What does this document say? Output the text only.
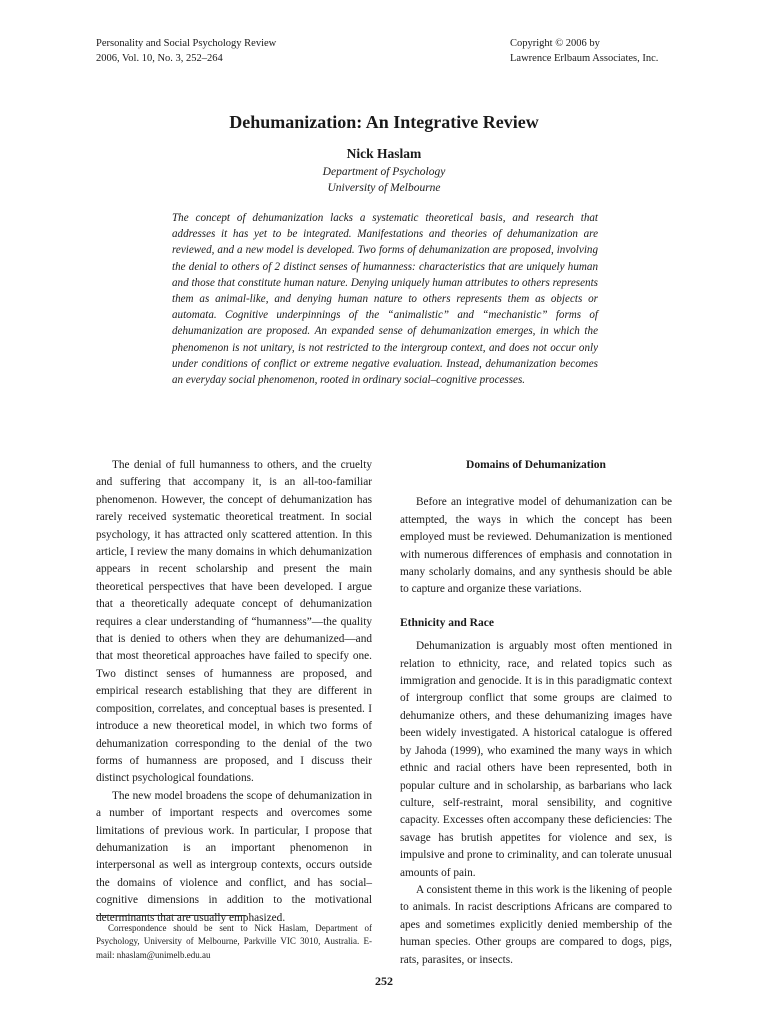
Personality and Social Psychology Review
2006, Vol. 10, No. 3, 252–264
Copyright © 2006 by
Lawrence Erlbaum Associates, Inc.
Dehumanization: An Integrative Review
Nick Haslam
Department of Psychology
University of Melbourne

The concept of dehumanization lacks a systematic theoretical basis, and research that addresses it has yet to be integrated. Manifestations and theories of dehumanization are reviewed, and a new model is developed. Two forms of dehumanization are proposed, involving the denial to others of 2 distinct senses of humanness: characteristics that are uniquely human and those that constitute human nature. Denying uniquely human attributes to others represents them as animal-like, and denying human nature to others represents them as objects or automata. Cognitive underpinnings of the “animalistic” and “mechanistic” forms of dehumanization are proposed. An expanded sense of dehumanization emerges, in which the phenomenon is not unitary, is not restricted to the intergroup context, and does not occur only under conditions of conflict or extreme negative evaluation. Instead, dehumanization becomes an everyday social phenomenon, rooted in ordinary social–cognitive processes.

The denial of full humanness to others, and the cruelty and suffering that accompany it, is an all-too-familiar phenomenon. However, the concept of dehumanization has rarely received systematic theoretical treatment. In social psychology, it has attracted only scattered attention. In this article, I review the many domains in which dehumanization appears in recent scholarship and present the main theoretical perspectives that have been developed. I argue that a theoretically adequate concept of dehumanization requires a clear understanding of “humanness”—the quality that is denied to others when they are dehumanized—and that most theoretical approaches have failed to specify one. Two distinct senses of humanness are proposed, and empirical research establishing that they are different in composition, correlates, and conceptual bases is presented. I introduce a new theoretical model, in which two forms of dehumanization corresponding to the denial of the two forms of humanness are proposed, and I discuss their distinct psychological foundations.

The new model broadens the scope of dehumanization in a number of important respects and overcomes some limitations of previous work. In particular, I propose that dehumanization is an important phenomenon in interpersonal as well as intergroup contexts, occurs outside the domains of violence and conflict, and has social–cognitive dimensions in addition to the motivational determinants that are usually emphasized.

Domains of Dehumanization

Before an integrative model of dehumanization can be attempted, the ways in which the concept has been employed must be reviewed. Dehumanization is mentioned with numerous differences of emphasis and connotation in many scholarly domains, and any synthesis should be able to capture and organize these variations.

Ethnicity and Race

Dehumanization is arguably most often mentioned in relation to ethnicity, race, and related topics such as immigration and genocide. It is in this paradigmatic context of intergroup conflict that some groups are claimed to dehumanize others, and these dehumanizing images have been widely investigated. A historical catalogue is offered by Jahoda (1999), who examined the many ways in which ethnic and racial others have been represented, both in popular culture and in scholarship, as barbarians who lack culture, self-restraint, moral sensibility, and cognitive capacity. Excesses often accompany these deficiencies: The savage has brutish appetites for violence and sex, is impulsive and prone to criminality, and can tolerate unusual amounts of pain.

A consistent theme in this work is the likening of people to animals. In racist descriptions Africans are compared to apes and sometimes explicitly denied membership of the human species. Other groups are compared to dogs, pigs, rats, parasites, or insects.

Correspondence should be sent to Nick Haslam, Department of Psychology, University of Melbourne, Parkville VIC 3010, Australia. E-mail: nhaslam@unimelb.edu.au

252
